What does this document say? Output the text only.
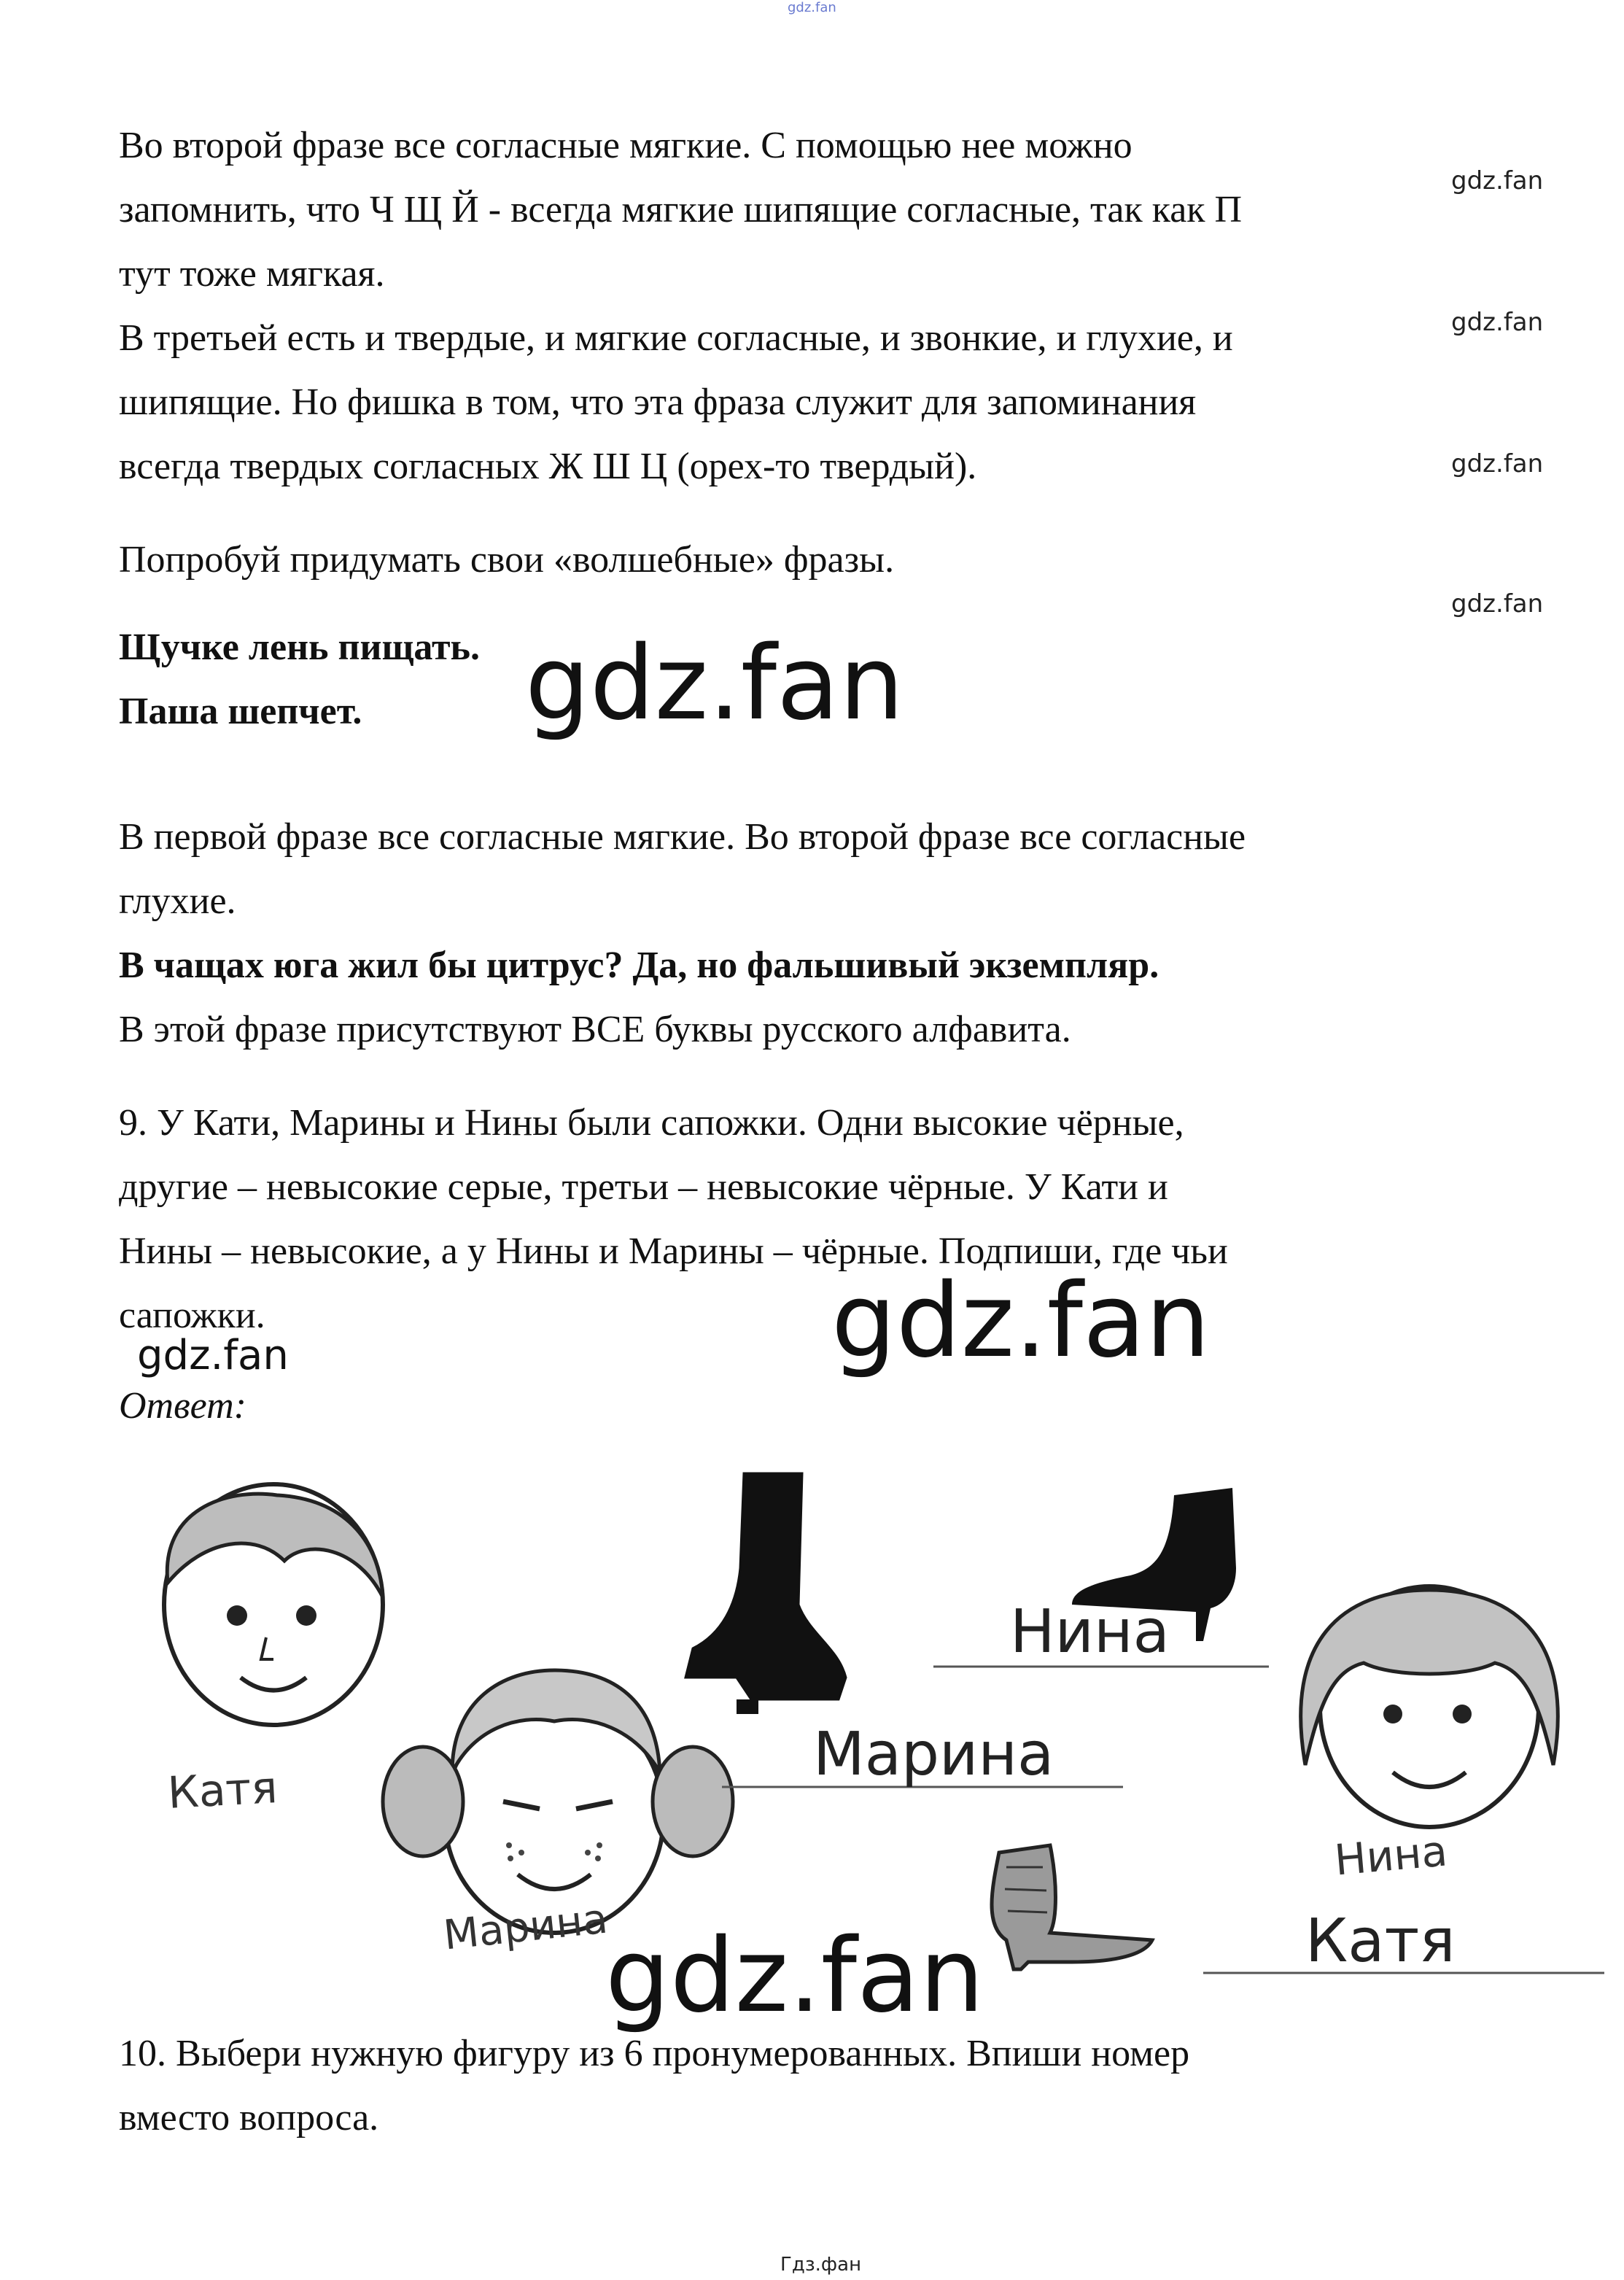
gdz.fan
gdz.fan
gdz.fan
gdz.fan
gdz.fan
Во второй фразе все согласные мягкие. С помощью нее можно
запомнить, что Ч Щ Й - всегда мягкие шипящие согласные, так как П
тут тоже мягкая.
В третьей есть и твердые, и мягкие согласные, и звонкие, и глухие, и
шипящие. Но фишка в том, что эта фраза служит для запоминания
всегда твердых согласных Ж Ш Ц (орех-то твердый).
Попробуй придумать свои «волшебные» фразы.
Щучке лень пищать.
Паша шепчет. gdz.fan
В первой фразе все согласные мягкие. Во второй фразе все согласные
глухие.
В чащах юга жил бы цитрус? Да, но фальшивый экземпляр.
В этой фразе присутствуют ВСЕ буквы русского алфавита.
9. У Кати, Марины и Нины были сапожки. Одни высокие чёрные,
другие – невысокие серые, третьи – невысокие чёрные. У Кати и
Нины – невысокие, а у Нины и Марины – чёрные. Подпиши, где чьи
сапожки.	gdz.fan
gdz.fan
Ответ:
Катя
Марина
Нина
Нина
Марина
Катя
gdz.fan
10. Выбери нужную фигуру из 6 пронумерованных. Впиши номер
вместо вопроса.
Гдз.фан
